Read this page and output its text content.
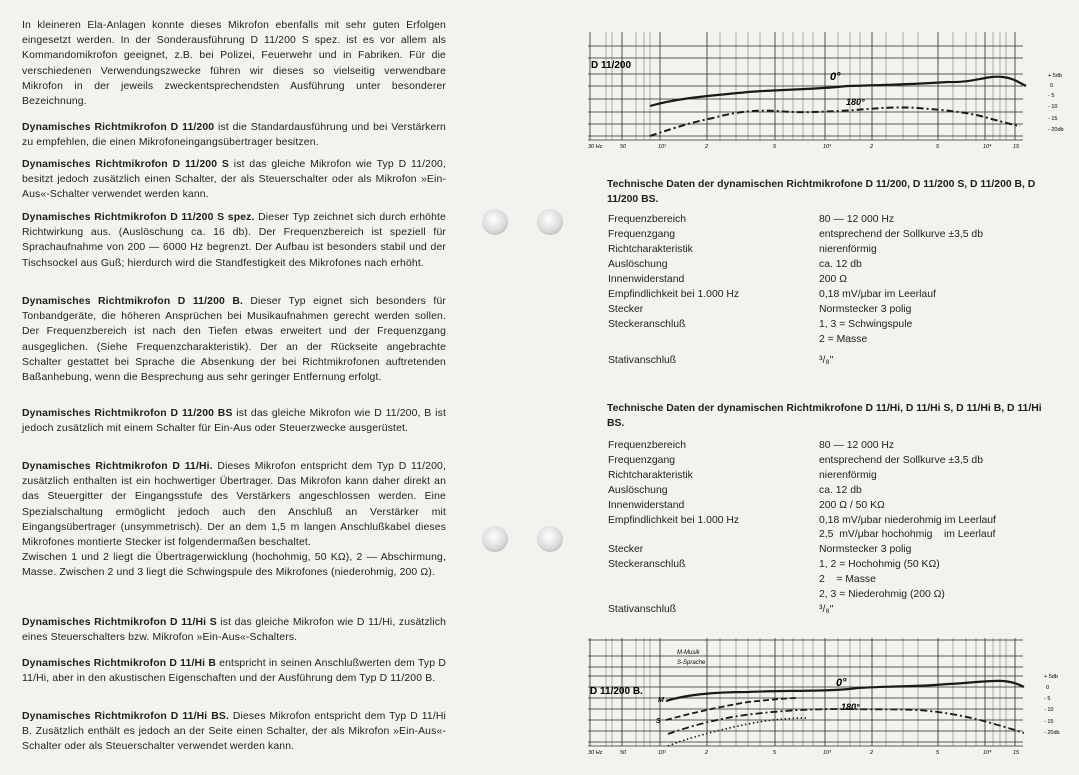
In kleineren Ela-Anlagen konnte dieses Mikrofon ebenfalls mit sehr guten Erfolgen eingesetzt werden. In der Sonderausführung D 11/200 S spez. ist es vor allem als Kommandomikrofon geeignet, z.B. bei Polizei, Feuerwehr und in Fabriken. Für die verschiedenen Verwendungszwecke führen wir dieses so vielseitig verwendbare Mikrofon in der jeweils zweckentsprechendsten Ausführung unter besonderer Bezeichnung.
Dynamisches Richtmikrofon D 11/200 ist die Standardausführung und bei Verstärkern zu empfehlen, die einen Mikrofoneingangsübertrager besitzen.
Dynamisches Richtmikrofon D 11/200 S ist das gleiche Mikrofon wie Typ D 11/200, besitzt jedoch zusätzlich einen Schalter, der als Steuerschalter oder als Mikrofon »Ein-Aus«-Schalter verwendet werden kann.
Dynamisches Richtmikrofon D 11/200 S spez. Dieser Typ zeichnet sich durch erhöhte Richtwirkung aus. (Auslöschung ca. 16 db). Der Frequenzbereich ist speziell für Sprachaufnahme von 200 — 6000 Hz begrenzt. Der Aufbau ist besonders stabil und der Tischsockel aus Guß; hierdurch wird die Standfestigkeit des Mikrofones nach erhöht.
Dynamisches Richtmikrofon D 11/200 B. Dieser Typ eignet sich besonders für Tonbandgeräte, die höheren Ansprüchen bei Musikaufnahmen gerecht werden sollen. Der Frequenzbereich ist nach den Tiefen etwas erweitert und der Frequenzgang ausgeglichen. (Siehe Frequenzcharakteristik). Der an der Rückseite angebrachte Schalter gestattet bei Sprache die Absenkung der bei Richtmikrofonen auftretenden Baßanhebung, wenn die Besprechung aus sehr geringer Entfernung erfolgt.
Dynamisches Richtmikrofon D 11/200 BS ist das gleiche Mikrofon wie D 11/200, B ist jedoch zusätzlich mit einem Schalter für Ein-Aus oder Steuerzwecke ausgerüstet.
Dynamisches Richtmikrofon D 11/Hi. Dieses Mikrofon entspricht dem Typ D 11/200, zusätzlich enthalten ist ein hochwertiger Übertrager. Das Mikrofon kann daher direkt an das Steuergitter der Eingangsstufe des Verstärkers angeschlossen werden. Eine Spezialschaltung ermöglicht jedoch auch den Anschluß an Verstärker mit Eingangsübertrager (unsymmetrisch). Der an dem 1,5 m langen Anschlußkabel dieses Mikrofones montierte Stecker ist folgendermaßen beschaltet.
Zwischen 1 und 2 liegt die Übertragerwicklung (hochohmig, 50 KΩ), 2 — Abschirmung, Masse. Zwischen 2 und 3 liegt die Schwingspule des Mikrofones (niederohmig, 200 Ω).
Dynamisches Richtmikrofon D 11/Hi S ist das gleiche Mikrofon wie D 11/Hi, zusätzlich eines Steuerschalters bzw. Mikrofon »Ein-Aus«-Schalters.
Dynamisches Richtmikrofon D 11/Hi B entspricht in seinen Anschlußwerten dem Typ D 11/Hi, aber in den akustischen Eigenschaften und der Ausführung dem Typ D 11/200 B.
Dynamisches Richtmikrofon D 11/Hi BS. Dieses Mikrofon entspricht dem Typ D 11/Hi B. Zusätzlich enthält es jedoch an der Seite einen Schalter, der als Mikrofon »Ein-Aus«-Schalter oder als Steuerschalter verwendet werden kann.
D 11/200
0°
180°
+ 5db
0
- 5
- 10
- 15
- 20db
30 Hz	50	10²	2	5	10³	2	5	10⁴	15
Technische Daten der dynamischen Richtmikrofone D 11/200, D 11/200 S, D 11/200 B, D 11/200 BS.
Frequenzbereich	80 — 12 000 Hz
Frequenzgang	entsprechend der Sollkurve ±3,5 db
Richtcharakteristik	nierenförmig
Auslöschung	ca. 12 db
Innenwiderstand	200 Ω
Empfindlichkeit bei 1.000 Hz	0,18 mV/μbar im Leerlauf
Stecker	Normstecker 3 polig
Steckeranschluß	1, 3 = Schwingspule
2 = Masse
Stativanschluß	³/₈"
Technische Daten der dynamischen Richtmikrofone D 11/Hi, D 11/Hi S, D 11/Hi B, D 11/Hi BS.
Frequenzbereich	80 — 12 000 Hz
Frequenzgang	entsprechend der Sollkurve ±3,5 db
Richtcharakteristik	nierenförmig
Auslöschung	ca. 12 db
Innenwiderstand	200 Ω / 50 KΩ
Empfindlichkeit bei 1.000 Hz	0,18 mV/μbar niederohmig im Leerlauf
2,5  mV/μbar hochohmig    im Leerlauf
Stecker	Normstecker 3 polig
Steckeranschluß	1, 2 = Hochohmig (50 KΩ)
2    = Masse
2, 3 = Niederohmig (200 Ω)
Stativanschluß	³/₈"
M-Musik
S-Sprache
D 11/200 B.
M
S
0°
180°
+ 5db
0
- 5
- 10
- 15
- 20db
30 Hz	50	10²	2	5	10³	2	5	10⁴	15
